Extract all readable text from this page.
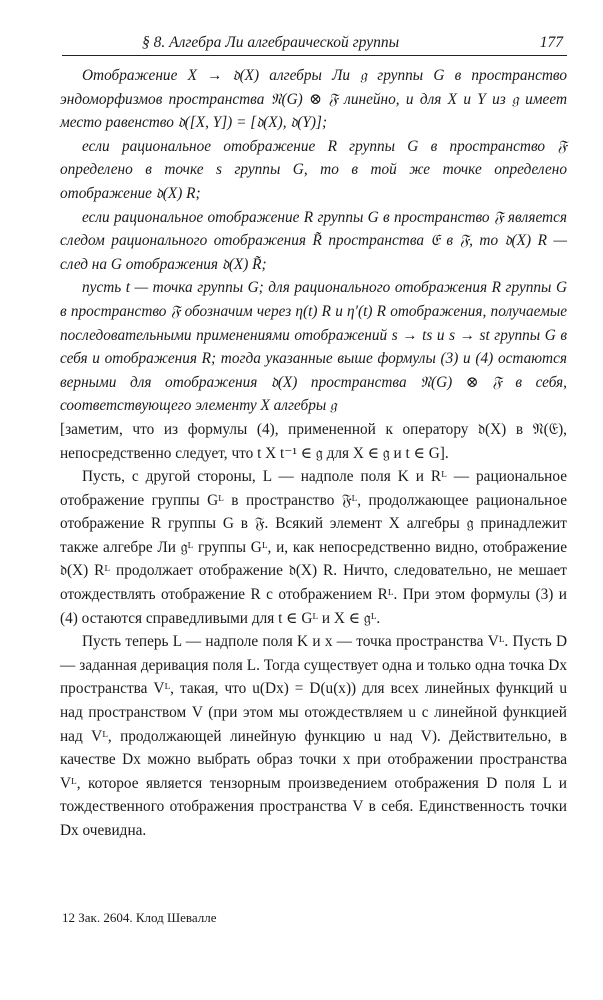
§ 8. Алгебра Ли алгебраической группы	177

Отображение X → 𝔡(X) алгебры Ли 𝔤 группы G в пространство эндоморфизмов пространства 𝔑(G) ⊗ 𝔉 линейно, и для X и Y из 𝔤 имеет место равенство 𝔡([X, Y]) = [𝔡(X), 𝔡(Y)];

если рациональное отображение R группы G в пространство 𝔉 определено в точке s группы G, то в той же точке определено отображение 𝔡(X) R;

если рациональное отображение R группы G в пространство 𝔉 является следом рационального отображения R̃ пространства 𝔈 в 𝔉, то 𝔡(X) R — след на G отображения 𝔡(X) R̃;

пусть t — точка группы G; для рационального отображения R группы G в пространство 𝔉 обозначим через η(t) R и η′(t) R отображения, получаемые последовательными применениями отображений s → ts и s → st группы G в себя и отображения R; тогда указанные выше формулы (3) и (4) остаются верными для отображения 𝔡(X) пространства 𝔑(G) ⊗ 𝔉 в себя, соответствующего элементу X алгебры 𝔤

[заметим, что из формулы (4), примененной к оператору 𝔡(X) в 𝔑(𝔈), непосредственно следует, что t X t⁻¹ ∈ 𝔤 для X ∈ 𝔤 и t ∈ G].

Пусть, с другой стороны, L — надполе поля K и Rᴸ — рациональное отображение группы Gᴸ в пространство 𝔉ᴸ, продолжающее рациональное отображение R группы G в 𝔉. Всякий элемент X алгебры 𝔤 принадлежит также алгебре Ли 𝔤ᴸ группы Gᴸ, и, как непосредственно видно, отображение 𝔡(X) Rᴸ продолжает отображение 𝔡(X) R. Ничто, следовательно, не мешает отождествлять отображение R с отображением Rᴸ. При этом формулы (3) и (4) остаются справедливыми для t ∈ Gᴸ и X ∈ 𝔤ᴸ.

Пусть теперь L — надполе поля K и x — точка пространства Vᴸ. Пусть D — заданная деривация поля L. Тогда существует одна и только одна точка Dx пространства Vᴸ, такая, что u(Dx) = D(u(x)) для всех линейных функций u над пространством V (при этом мы отождествляем u с линейной функцией над Vᴸ, продолжающей линейную функцию u над V). Действительно, в качестве Dx можно выбрать образ точки x при отображении пространства Vᴸ, которое является тензорным произведением отображения D поля L и тождественного отображения пространства V в себя. Единственность точки Dx очевидна.

12 Зак. 2604. Клод Шевалле
